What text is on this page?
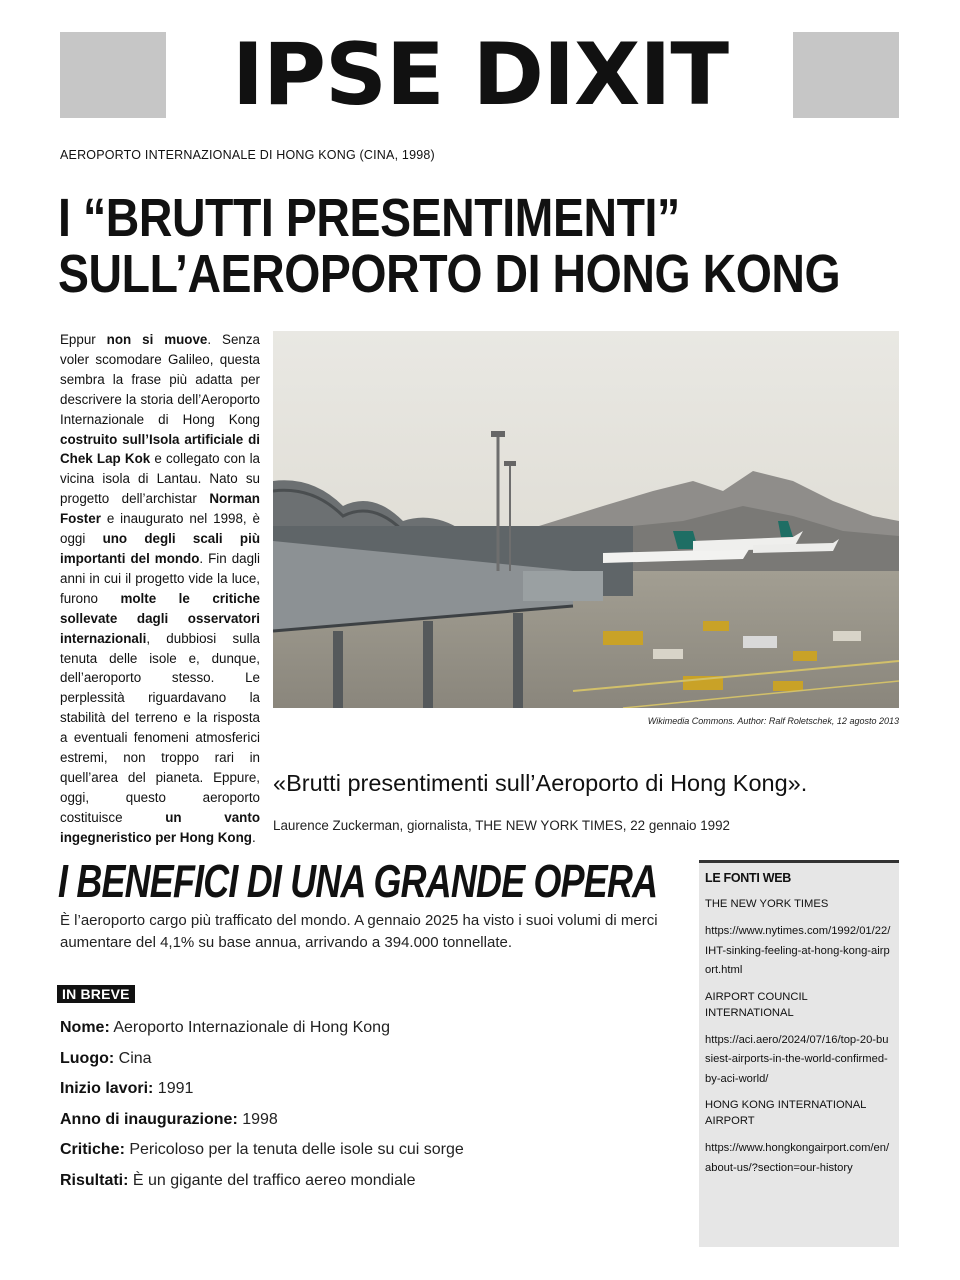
IPSE DIXIT
AEROPORTO INTERNAZIONALE DI HONG KONG (CINA, 1998)
I “BRUTTI PRESENTIMENTI”
SULL’AEROPORTO DI HONG KONG
Eppur non si muove. Senza voler scomodare Galileo, questa sembra la frase più adatta per descrivere la storia dell’Aeroporto Internazionale di Hong Kong costruito sull’Isola artificiale di Chek Lap Kok e collegato con la vicina isola di Lantau. Nato su progetto dell’archistar Norman Foster e inaugurato nel 1998, è oggi uno degli scali più importanti del mondo. Fin dagli anni in cui il progetto vide la luce, furono molte le critiche sollevate dagli osservatori internazionali, dubbiosi sulla tenuta delle isole e, dunque, dell’aeroporto stesso. Le perplessità riguardavano la stabilità del terreno e la risposta a eventuali fenomeni atmosferici estremi, non troppo rari in quell’area del pianeta. Eppure, oggi, questo aeroporto costituisce un vanto ingegneristico per Hong Kong.
Wikimedia Commons. Author: Ralf Roletschek, 12 agosto 2013
«Brutti presentimenti sull’Aeroporto di Hong Kong».
Laurence Zuckerman, giornalista, THE NEW YORK TIMES, 22 gennaio 1992
I BENEFICI DI UNA GRANDE OPERA
È l’aeroporto cargo più trafficato del mondo. A gennaio 2025 ha visto i suoi volumi di merci aumentare del 4,1% su base annua, arrivando a 394.000 tonnellate.
IN BREVE
Nome: Aeroporto Internazionale di Hong Kong
Luogo: Cina
Inizio lavori: 1991
Anno di inaugurazione: 1998
Critiche: Pericoloso per la tenuta delle isole su cui sorge
Risultati: È un gigante del traffico aereo mondiale
LE FONTI WEB
THE NEW YORK TIMES
https://www.nytimes.com/1992/01/22/IHT-sinking-feeling-at-hong-kong-airport.html
AIRPORT COUNCIL INTERNATIONAL
https://aci.aero/2024/07/16/top-20-busiest-airports-in-the-world-confirmed-by-aci-world/
HONG KONG INTERNATIONAL AIRPORT
https://www.hongkongairport.com/en/about-us/?section=our-history
